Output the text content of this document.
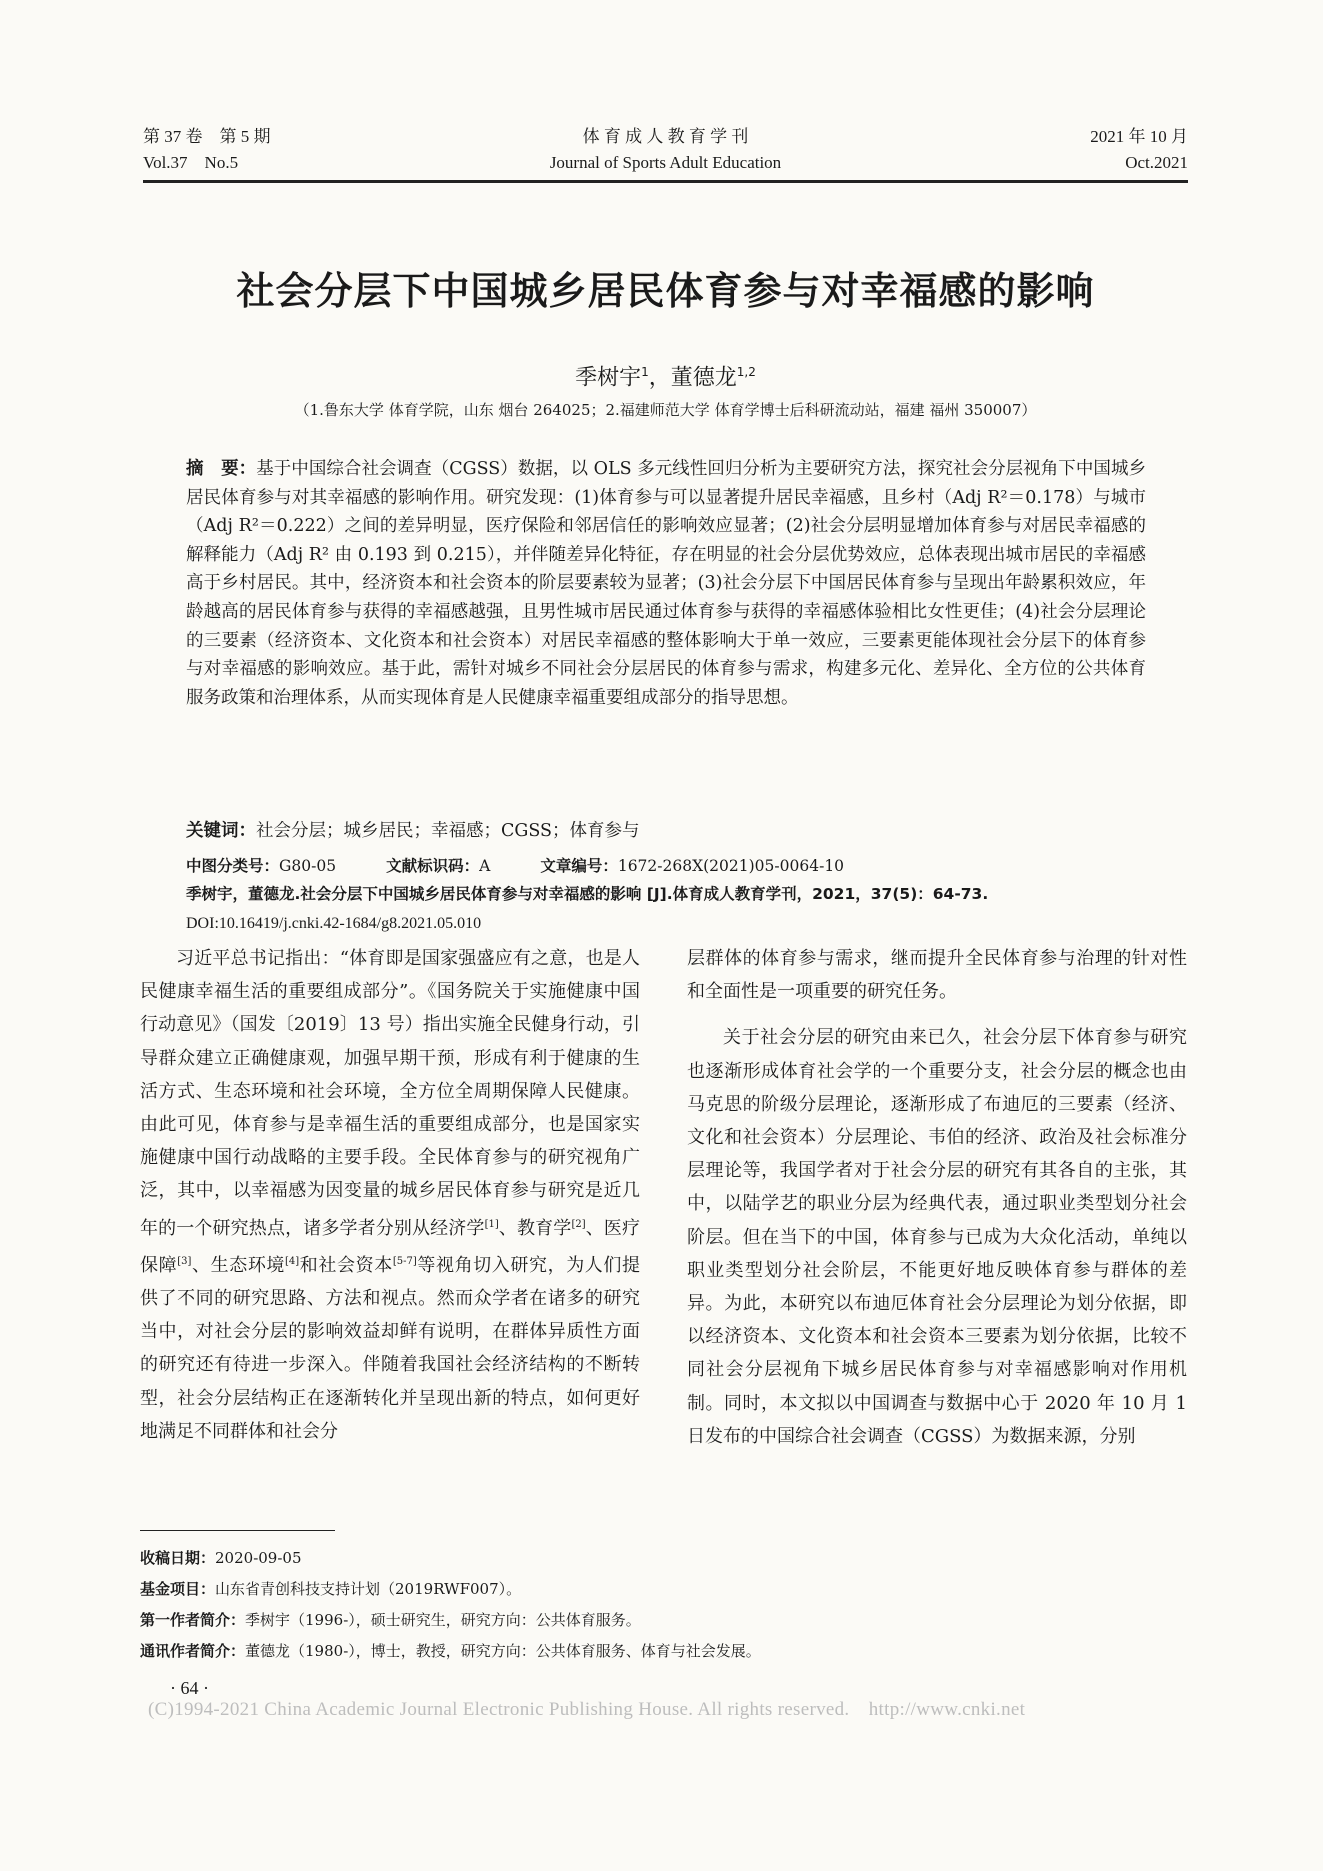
第 37 卷　第 5 期
Vol.37　No.5
体 育 成 人 教 育 学 刊
Journal of Sports Adult Education
2021 年 10 月
Oct.2021
社会分层下中国城乡居民体育参与对幸福感的影响
季树宇$^1$，董德龙$^{1,2}$
（1.鲁东大学 体育学院，山东 烟台 264025；2.福建师范大学 体育学博士后科研流动站，福建 福州 350007）
摘　要：基于中国综合社会调查（CGSS）数据，以 OLS 多元线性回归分析为主要研究方法，探究社会分层视角下中国城乡居民体育参与对其幸福感的影响作用。研究发现：(1)体育参与可以显著提升居民幸福感，且乡村（Adj R²＝0.178）与城市（Adj R²＝0.222）之间的差异明显，医疗保险和邻居信任的影响效应显著；(2)社会分层明显增加体育参与对居民幸福感的解释能力（Adj R² 由 0.193 到 0.215），并伴随差异化特征，存在明显的社会分层优势效应，总体表现出城市居民的幸福感高于乡村居民。其中，经济资本和社会资本的阶层要素较为显著；(3)社会分层下中国居民体育参与呈现出年龄累积效应，年龄越高的居民体育参与获得的幸福感越强，且男性城市居民通过体育参与获得的幸福感体验相比女性更佳；(4)社会分层理论的三要素（经济资本、文化资本和社会资本）对居民幸福感的整体影响大于单一效应，三要素更能体现社会分层下的体育参与对幸福感的影响效应。基于此，需针对城乡不同社会分层居民的体育参与需求，构建多元化、差异化、全方位的公共体育服务政策和治理体系，从而实现体育是人民健康幸福重要组成部分的指导思想。
关键词：社会分层；城乡居民；幸福感；CGSS；体育参与
中图分类号：G80-05	文献标识码：A	文章编号：1672-268X(2021)05-0064-10
季树宇，董德龙.社会分层下中国城乡居民体育参与对幸福感的影响 [J].体育成人教育学刊，2021，37(5)：64-73.
DOI:10.16419/j.cnki.42-1684/g8.2021.05.010

习近平总书记指出：“体育即是国家强盛应有之意，也是人民健康幸福生活的重要组成部分”。《国务院关于实施健康中国行动意见》（国发〔2019〕13 号）指出实施全民健身行动，引导群众建立正确健康观，加强早期干预，形成有利于健康的生活方式、生态环境和社会环境，全方位全周期保障人民健康。由此可见，体育参与是幸福生活的重要组成部分，也是国家实施健康中国行动战略的主要手段。全民体育参与的研究视角广泛，其中，以幸福感为因变量的城乡居民体育参与研究是近几年的一个研究热点，诸多学者分别从经济学[1]、教育学[2]、医疗保障[3]、生态环境[4]和社会资本[5-7]等视角切入研究，为人们提供了不同的研究思路、方法和视点。然而众学者在诸多的研究当中，对社会分层的影响效益却鲜有说明，在群体异质性方面的研究还有待进一步深入。伴随着我国社会经济结构的不断转型，社会分层结构正在逐渐转化并呈现出新的特点，如何更好地满足不同群体和社会分

层群体的体育参与需求，继而提升全民体育参与治理的针对性和全面性是一项重要的研究任务。

关于社会分层的研究由来已久，社会分层下体育参与研究也逐渐形成体育社会学的一个重要分支，社会分层的概念也由马克思的阶级分层理论，逐渐形成了布迪厄的三要素（经济、文化和社会资本）分层理论、韦伯的经济、政治及社会标准分层理论等，我国学者对于社会分层的研究有其各自的主张，其中，以陆学艺的职业分层为经典代表，通过职业类型划分社会阶层。但在当下的中国，体育参与已成为大众化活动，单纯以职业类型划分社会阶层，不能更好地反映体育参与群体的差异。为此，本研究以布迪厄体育社会分层理论为划分依据，即以经济资本、文化资本和社会资本三要素为划分依据，比较不同社会分层视角下城乡居民体育参与对幸福感影响对作用机制。同时，本文拟以中国调查与数据中心于 2020 年 10 月 1 日发布的中国综合社会调查（CGSS）为数据来源，分别

收稿日期：2020-09-05
基金项目：山东省青创科技支持计划（2019RWF007）。
第一作者简介：季树宇（1996-），硕士研究生，研究方向：公共体育服务。
通讯作者简介：董德龙（1980-），博士，教授，研究方向：公共体育服务、体育与社会发展。
· 64 ·
(C)1994-2021 China Academic Journal Electronic Publishing House. All rights reserved.　http://www.cnki.net
